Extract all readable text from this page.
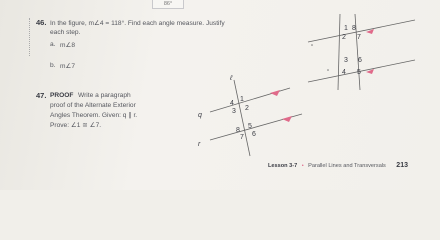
86°
46. In the figure, m∠4 = 118°. Find each angle measure. Justify
each step.
a. m∠8
b. m∠7
47. PROOF Write a paragraph
proof of the Alternate Exterior
Angles Theorem. Given: q ∥ r.
Prove: ∠1 ≅ ∠7.
1 8
2 7
3 6
4 5
ℓ
q
r
4
1
3 2
8
5
7 6
Lesson 3-7 • Parallel Lines and Transversals 213
